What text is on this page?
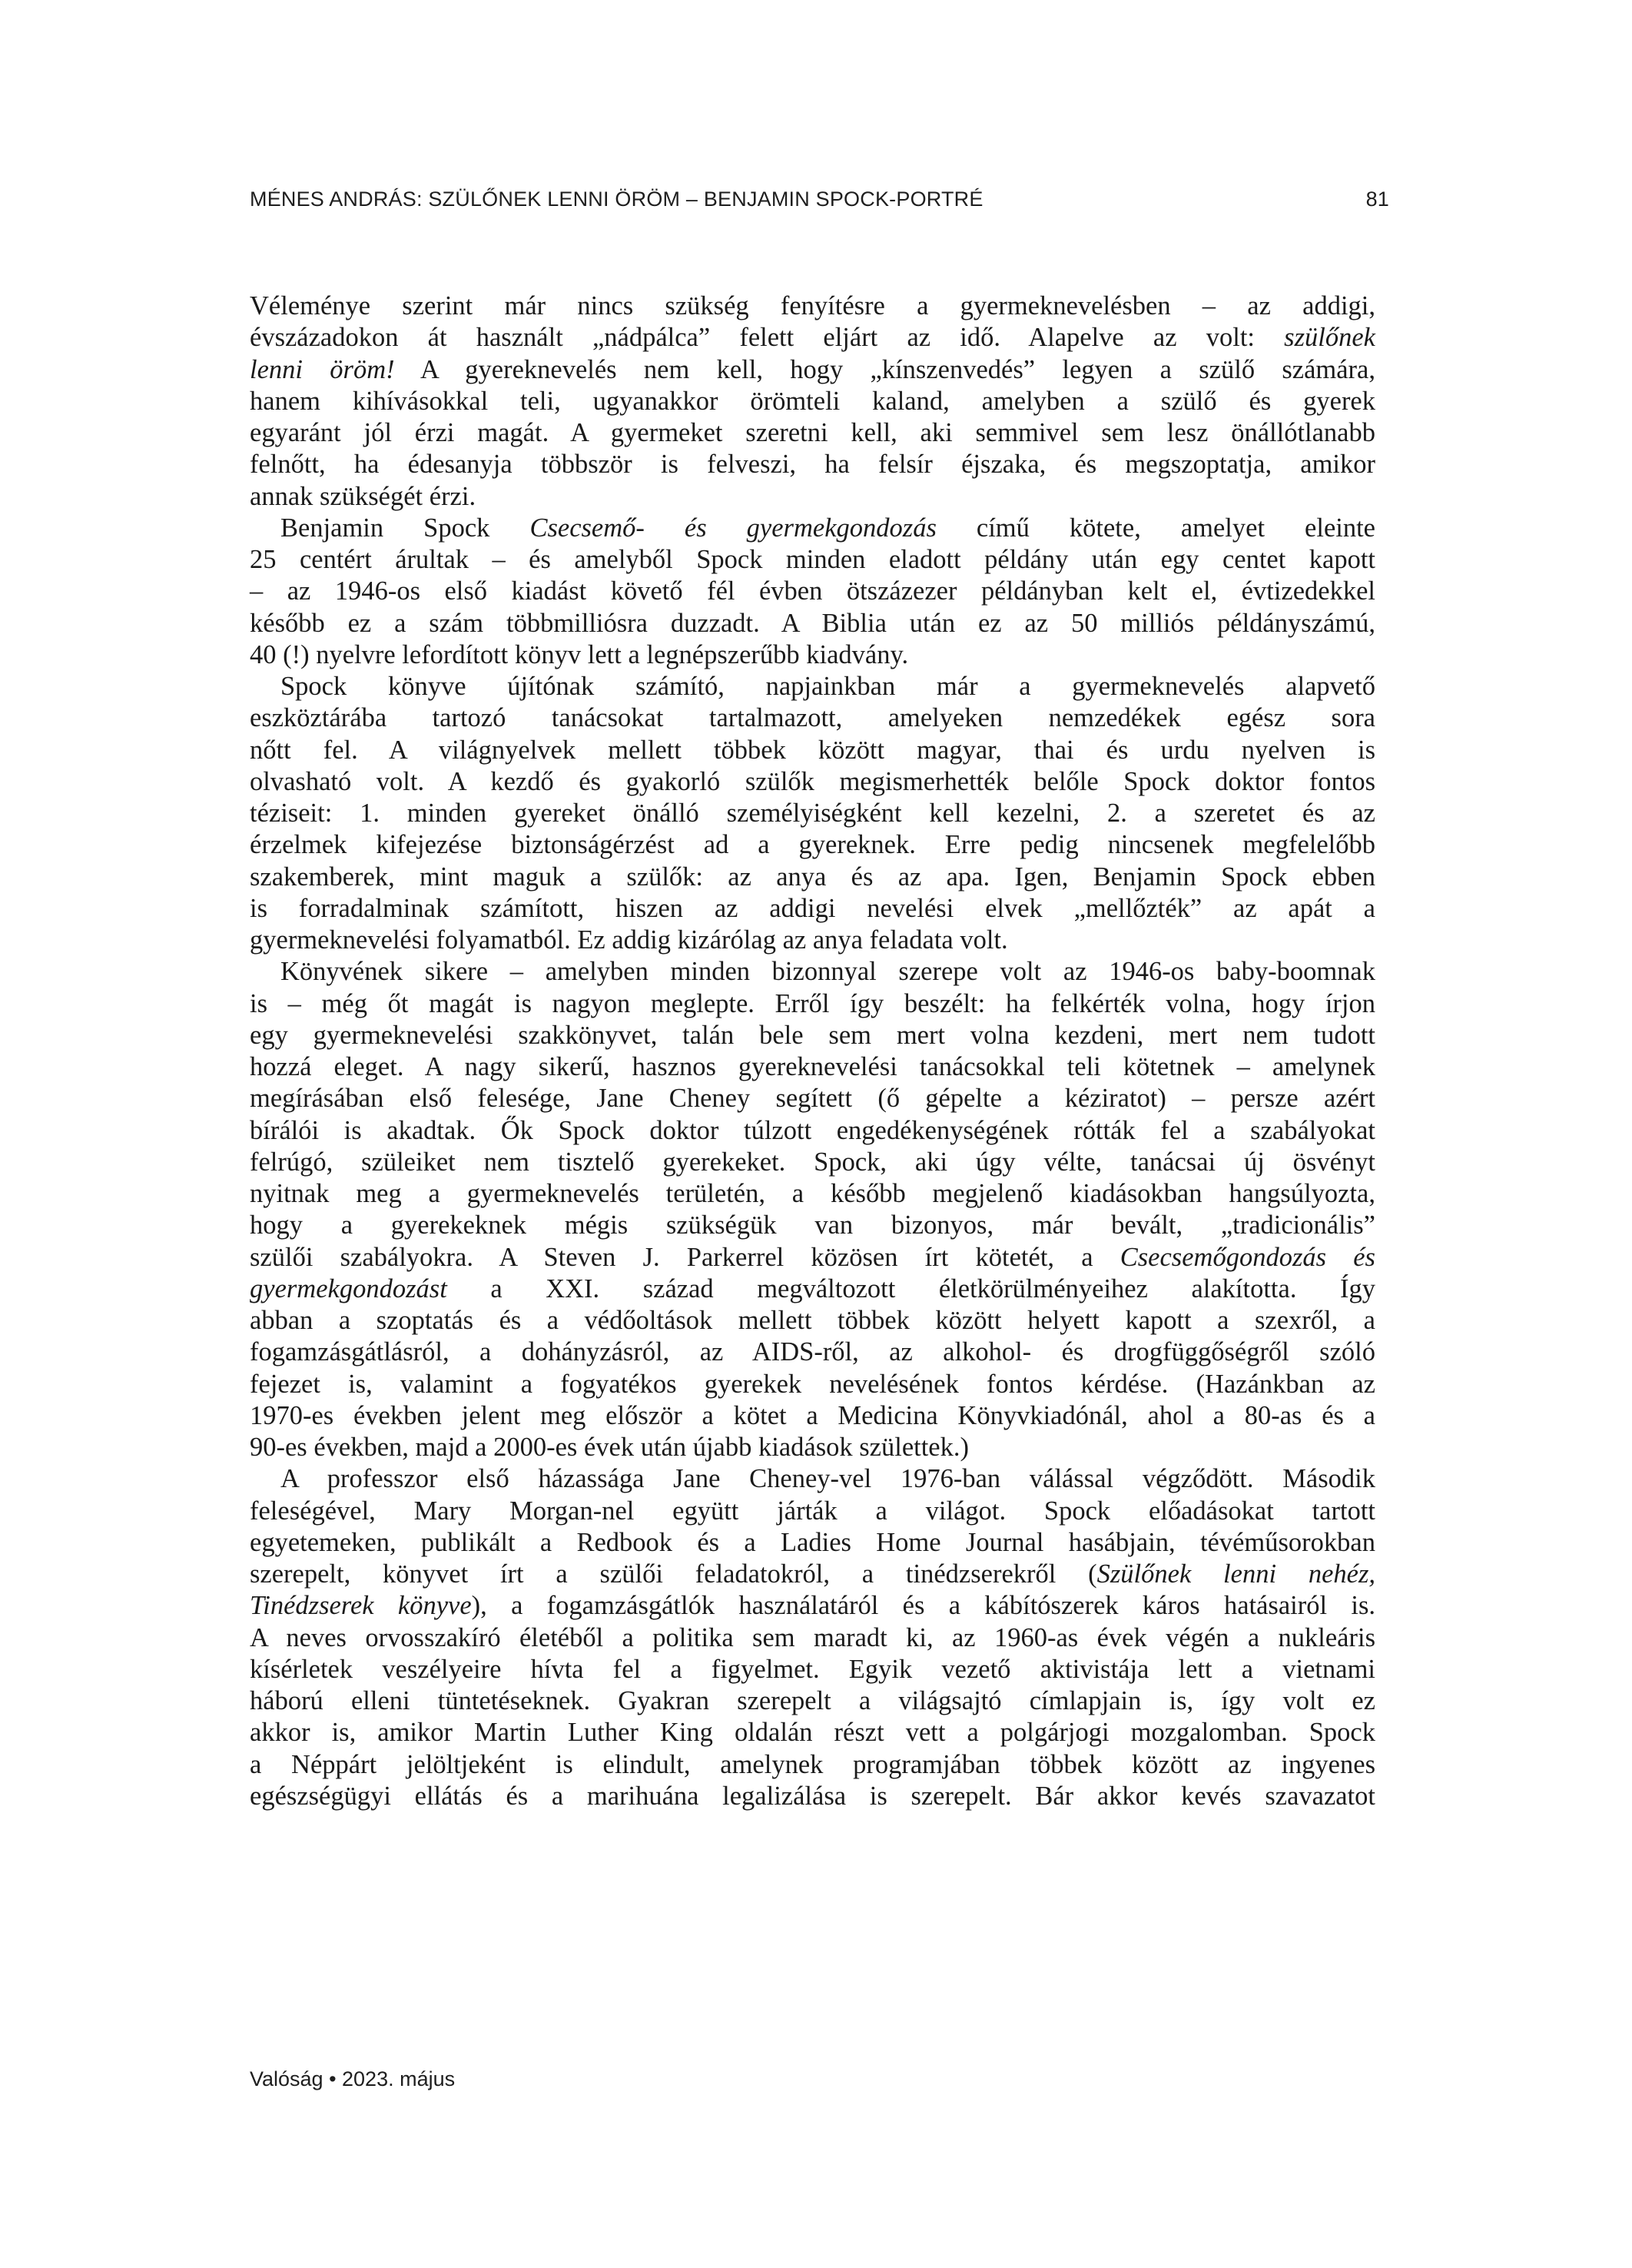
MÉNES ANDRÁS: SZÜLŐNEK LENNI ÖRÖM – BENJAMIN SPOCK-PORTRÉ	81
Véleménye szerint már nincs szükség fenyítésre a gyermeknevelésben – az addigi,
évszázadokon át használt „nádpálca” felett eljárt az idő. Alapelve az volt: szülőnek
lenni öröm! A gyereknevelés nem kell, hogy „kínszenvedés” legyen a szülő számára,
hanem kihívásokkal teli, ugyanakkor örömteli kaland, amelyben a szülő és gyerek
egyaránt jól érzi magát. A gyermeket szeretni kell, aki semmivel sem lesz önállótlanabb
felnőtt, ha édesanyja többször is felveszi, ha felsír éjszaka, és megszoptatja, amikor
annak szükségét érzi.
Benjamin Spock Csecsemő- és gyermekgondozás című kötete, amelyet eleinte
25 centért árultak – és amelyből Spock minden eladott példány után egy centet kapott
– az 1946-os első kiadást követő fél évben ötszázezer példányban kelt el, évtizedekkel
később ez a szám többmilliósra duzzadt. A Biblia után ez az 50 milliós példányszámú,
40 (!) nyelvre lefordított könyv lett a legnépszerűbb kiadvány.
Spock könyve újítónak számító, napjainkban már a gyermeknevelés alapvető
eszköztárába tartozó tanácsokat tartalmazott, amelyeken nemzedékek egész sora
nőtt fel. A világnyelvek mellett többek között magyar, thai és urdu nyelven is
olvasható volt. A kezdő és gyakorló szülők megismerhették belőle Spock doktor fontos
téziseit: 1. minden gyereket önálló személyiségként kell kezelni, 2. a szeretet és az
érzelmek kifejezése biztonságérzést ad a gyereknek. Erre pedig nincsenek megfelelőbb
szakemberek, mint maguk a szülők: az anya és az apa. Igen, Benjamin Spock ebben
is forradalminak számított, hiszen az addigi nevelési elvek „mellőzték” az apát a
gyermeknevelési folyamatból. Ez addig kizárólag az anya feladata volt.
Könyvének sikere – amelyben minden bizonnyal szerepe volt az 1946-os baby-boomnak
is – még őt magát is nagyon meglepte. Erről így beszélt: ha felkérték volna, hogy írjon
egy gyermeknevelési szakkönyvet, talán bele sem mert volna kezdeni, mert nem tudott
hozzá eleget. A nagy sikerű, hasznos gyereknevelési tanácsokkal teli kötetnek – amelynek
megírásában első felesége, Jane Cheney segített (ő gépelte a kéziratot) – persze azért
bírálói is akadtak. Ők Spock doktor túlzott engedékenységének rótták fel a szabályokat
felrúgó, szüleiket nem tisztelő gyerekeket. Spock, aki úgy vélte, tanácsai új ösvényt
nyitnak meg a gyermeknevelés területén, a később megjelenő kiadásokban hangsúlyozta,
hogy a gyerekeknek mégis szükségük van bizonyos, már bevált, „tradicionális”
szülői szabályokra. A Steven J. Parkerrel közösen írt kötetét, a Csecsemőgondozás és
gyermekgondozást a XXI. század megváltozott életkörülményeihez alakította. Így
abban a szoptatás és a védőoltások mellett többek között helyett kapott a szexről, a
fogamzásgátlásról, a dohányzásról, az AIDS-ről, az alkohol- és drogfüggőségről szóló
fejezet is, valamint a fogyatékos gyerekek nevelésének fontos kérdése. (Hazánkban az
1970-es években jelent meg először a kötet a Medicina Könyvkiadónál, ahol a 80-as és a
90-es években, majd a 2000-es évek után újabb kiadások születtek.)
A professzor első házassága Jane Cheney-vel 1976-ban válással végződött. Második
feleségével, Mary Morgan-nel együtt járták a világot. Spock előadásokat tartott
egyetemeken, publikált a Redbook és a Ladies Home Journal hasábjain, tévéműsorokban
szerepelt, könyvet írt a szülői feladatokról, a tinédzserekről (Szülőnek lenni nehéz,
Tinédzserek könyve), a fogamzásgátlók használatáról és a kábítószerek káros hatásairól is.
A neves orvosszakíró életéből a politika sem maradt ki, az 1960-as évek végén a nukleáris
kísérletek veszélyeire hívta fel a figyelmet. Egyik vezető aktivistája lett a vietnami
háború elleni tüntetéseknek. Gyakran szerepelt a világsajtó címlapjain is, így volt ez
akkor is, amikor Martin Luther King oldalán részt vett a polgárjogi mozgalomban. Spock
a Néppárt jelöltjeként is elindult, amelynek programjában többek között az ingyenes
egészségügyi ellátás és a marihuána legalizálása is szerepelt. Bár akkor kevés szavazatot
Valóság • 2023. május
